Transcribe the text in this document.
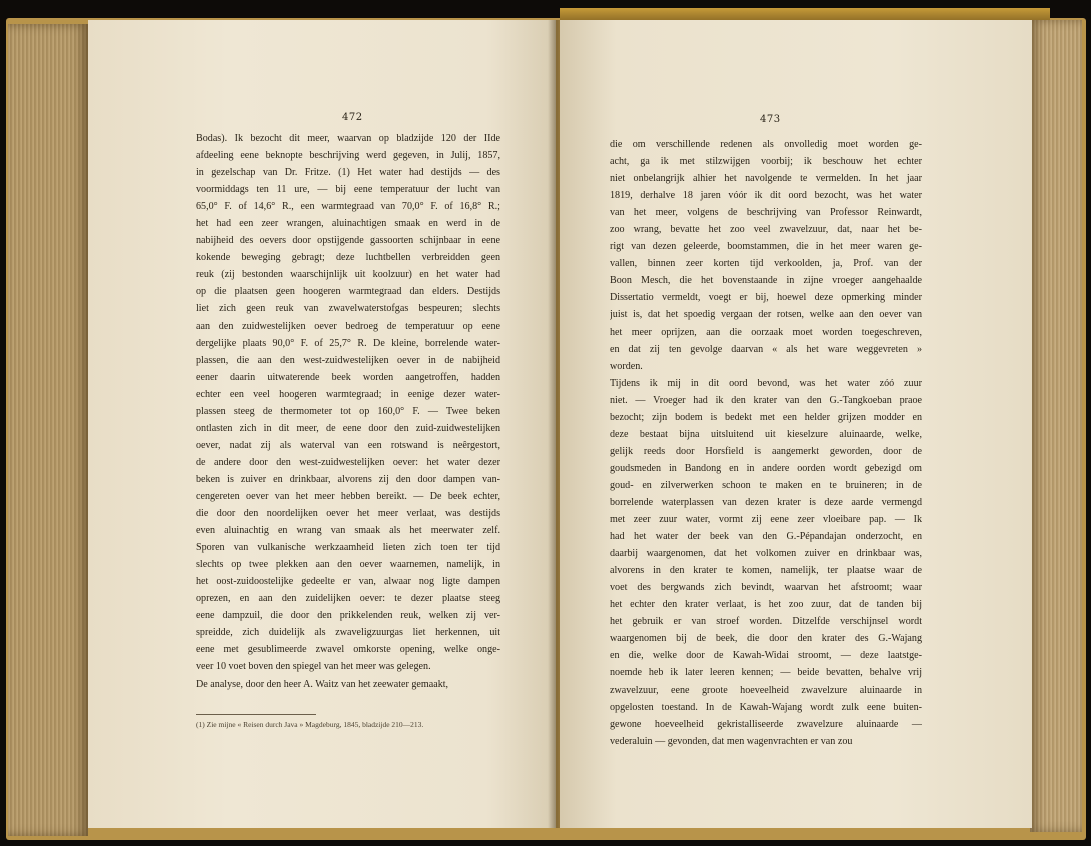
472
Bodas). Ik bezocht dit meer, waarvan op bladzijde 120 der IIde
afdeeling eene beknopte beschrijving werd gegeven, in Julij, 1857,
in gezelschap van Dr. Fritze. (1) Het water had destijds — des
voormiddags ten 11 ure, — bij eene temperatuur der lucht van
65,0° F. of 14,6° R., een warmtegraad van 70,0° F. of 16,8° R.;
het had een zeer wrangen, aluinachtigen smaak en werd in de
nabijheid des oevers door opstijgende gassoorten schijnbaar in eene
kokende beweging gebragt; deze luchtbellen verbreidden geen
reuk (zij bestonden waarschijnlijk uit koolzuur) en het water had
op die plaatsen geen hoogeren warmtegraad dan elders. Destijds
liet zich geen reuk van zwavelwaterstofgas bespeuren; slechts
aan den zuidwestelijken oever bedroeg de temperatuur op eene
dergelijke plaats 90,0° F. of 25,7° R. De kleine, borrelende water-
plassen, die aan den west-zuidwestelijken oever in de nabijheid
eener daarin uitwaterende beek worden aangetroffen, hadden
echter een veel hoogeren warmtegraad; in eenige dezer water-
plassen steeg de thermometer tot op 160,0° F. — Twee beken
ontlasten zich in dit meer, de eene door den zuid-zuidwestelijken
oever, nadat zij als waterval van een rotswand is neêrgestort,
de andere door den west-zuidwestelijken oever: het water dezer
beken is zuiver en drinkbaar, alvorens zij den door dampen van-
cengereten oever van het meer hebben bereikt. — De beek echter,
die door den noordelijken oever het meer verlaat, was destijds
even aluinachtig en wrang van smaak als het meerwater zelf.
Sporen van vulkanische werkzaamheid lieten zich toen ter tijd
slechts op twee plekken aan den oever waarnemen, namelijk, in
het oost-zuidoostelijke gedeelte er van, alwaar nog ligte dampen
oprezen, en aan den zuidelijken oever: te dezer plaatse steeg
eene dampzuil, die door den prikkelenden reuk, welken zij ver-
spreidde, zich duidelijk als zwaveligzuurgas liet herkennen, uit
eene met gesublimeerde zwavel omkorste opening, welke onge-
veer 10 voet boven den spiegel van het meer was gelegen.
De analyse, door den heer A. Waitz van het zeewater gemaakt,
(1) Zie mijne « Reisen durch Java » Magdeburg, 1845, bladzijde 210—213.
473
die om verschillende redenen als onvolledig moet worden ge-
acht, ga ik met stilzwijgen voorbij; ik beschouw het echter
niet onbelangrijk alhier het navolgende te vermelden. In het jaar
1819, derhalve 18 jaren vóór ik dit oord bezocht, was het water
van het meer, volgens de beschrijving van Professor Reinwardt,
zoo wrang, bevatte het zoo veel zwavelzuur, dat, naar het be-
rigt van dezen geleerde, boomstammen, die in het meer waren ge-
vallen, binnen zeer korten tijd verkoolden, ja, Prof. van der
Boon Mesch, die het bovenstaande in zijne vroeger aangehaalde
Dissertatio vermeldt, voegt er bij, hoewel deze opmerking minder
juist is, dat het spoedig vergaan der rotsen, welke aan den oever van
het meer oprijzen, aan die oorzaak moet worden toegeschreven,
en dat zij ten gevolge daarvan « als het ware weggevreten »
worden.
Tijdens ik mij in dit oord bevond, was het water zóó zuur
niet. — Vroeger had ik den krater van den G.-Tangkoeban praoe
bezocht; zijn bodem is bedekt met een helder grijzen modder en
deze bestaat bijna uitsluitend uit kieselzure aluinaarde, welke,
gelijk reeds door Horsfield is aangemerkt geworden, door de
goudsmeden in Bandong en in andere oorden wordt gebezigd om
goud- en zilverwerken schoon te maken en te bruineren; in de
borrelende waterplassen van dezen krater is deze aarde vermengd
met zeer zuur water, vormt zij eene zeer vloeibare pap. — Ik
had het water der beek van den G.-Pépandajan onderzocht, en
daarbij waargenomen, dat het volkomen zuiver en drinkbaar was,
alvorens in den krater te komen, namelijk, ter plaatse waar de
voet des bergwands zich bevindt, waarvan het afstroomt; waar
het echter den krater verlaat, is het zoo zuur, dat de tanden bij
het gebruik er van stroef worden. Ditzelfde verschijnsel wordt
waargenomen bij de beek, die door den krater des G.-Wajang
en die, welke door de Kawah-Widai stroomt, — deze laatstge-
noemde heb ik later leeren kennen; — beide bevatten, behalve vrij
zwavelzuur, eene groote hoeveelheid zwavelzure aluinaarde in
opgelosten toestand. In de Kawah-Wajang wordt zulk eene buiten-
gewone hoeveelheid gekristalliseerde zwavelzure aluinaarde —
vederaluin — gevonden, dat men wagenvrachten er van zou
